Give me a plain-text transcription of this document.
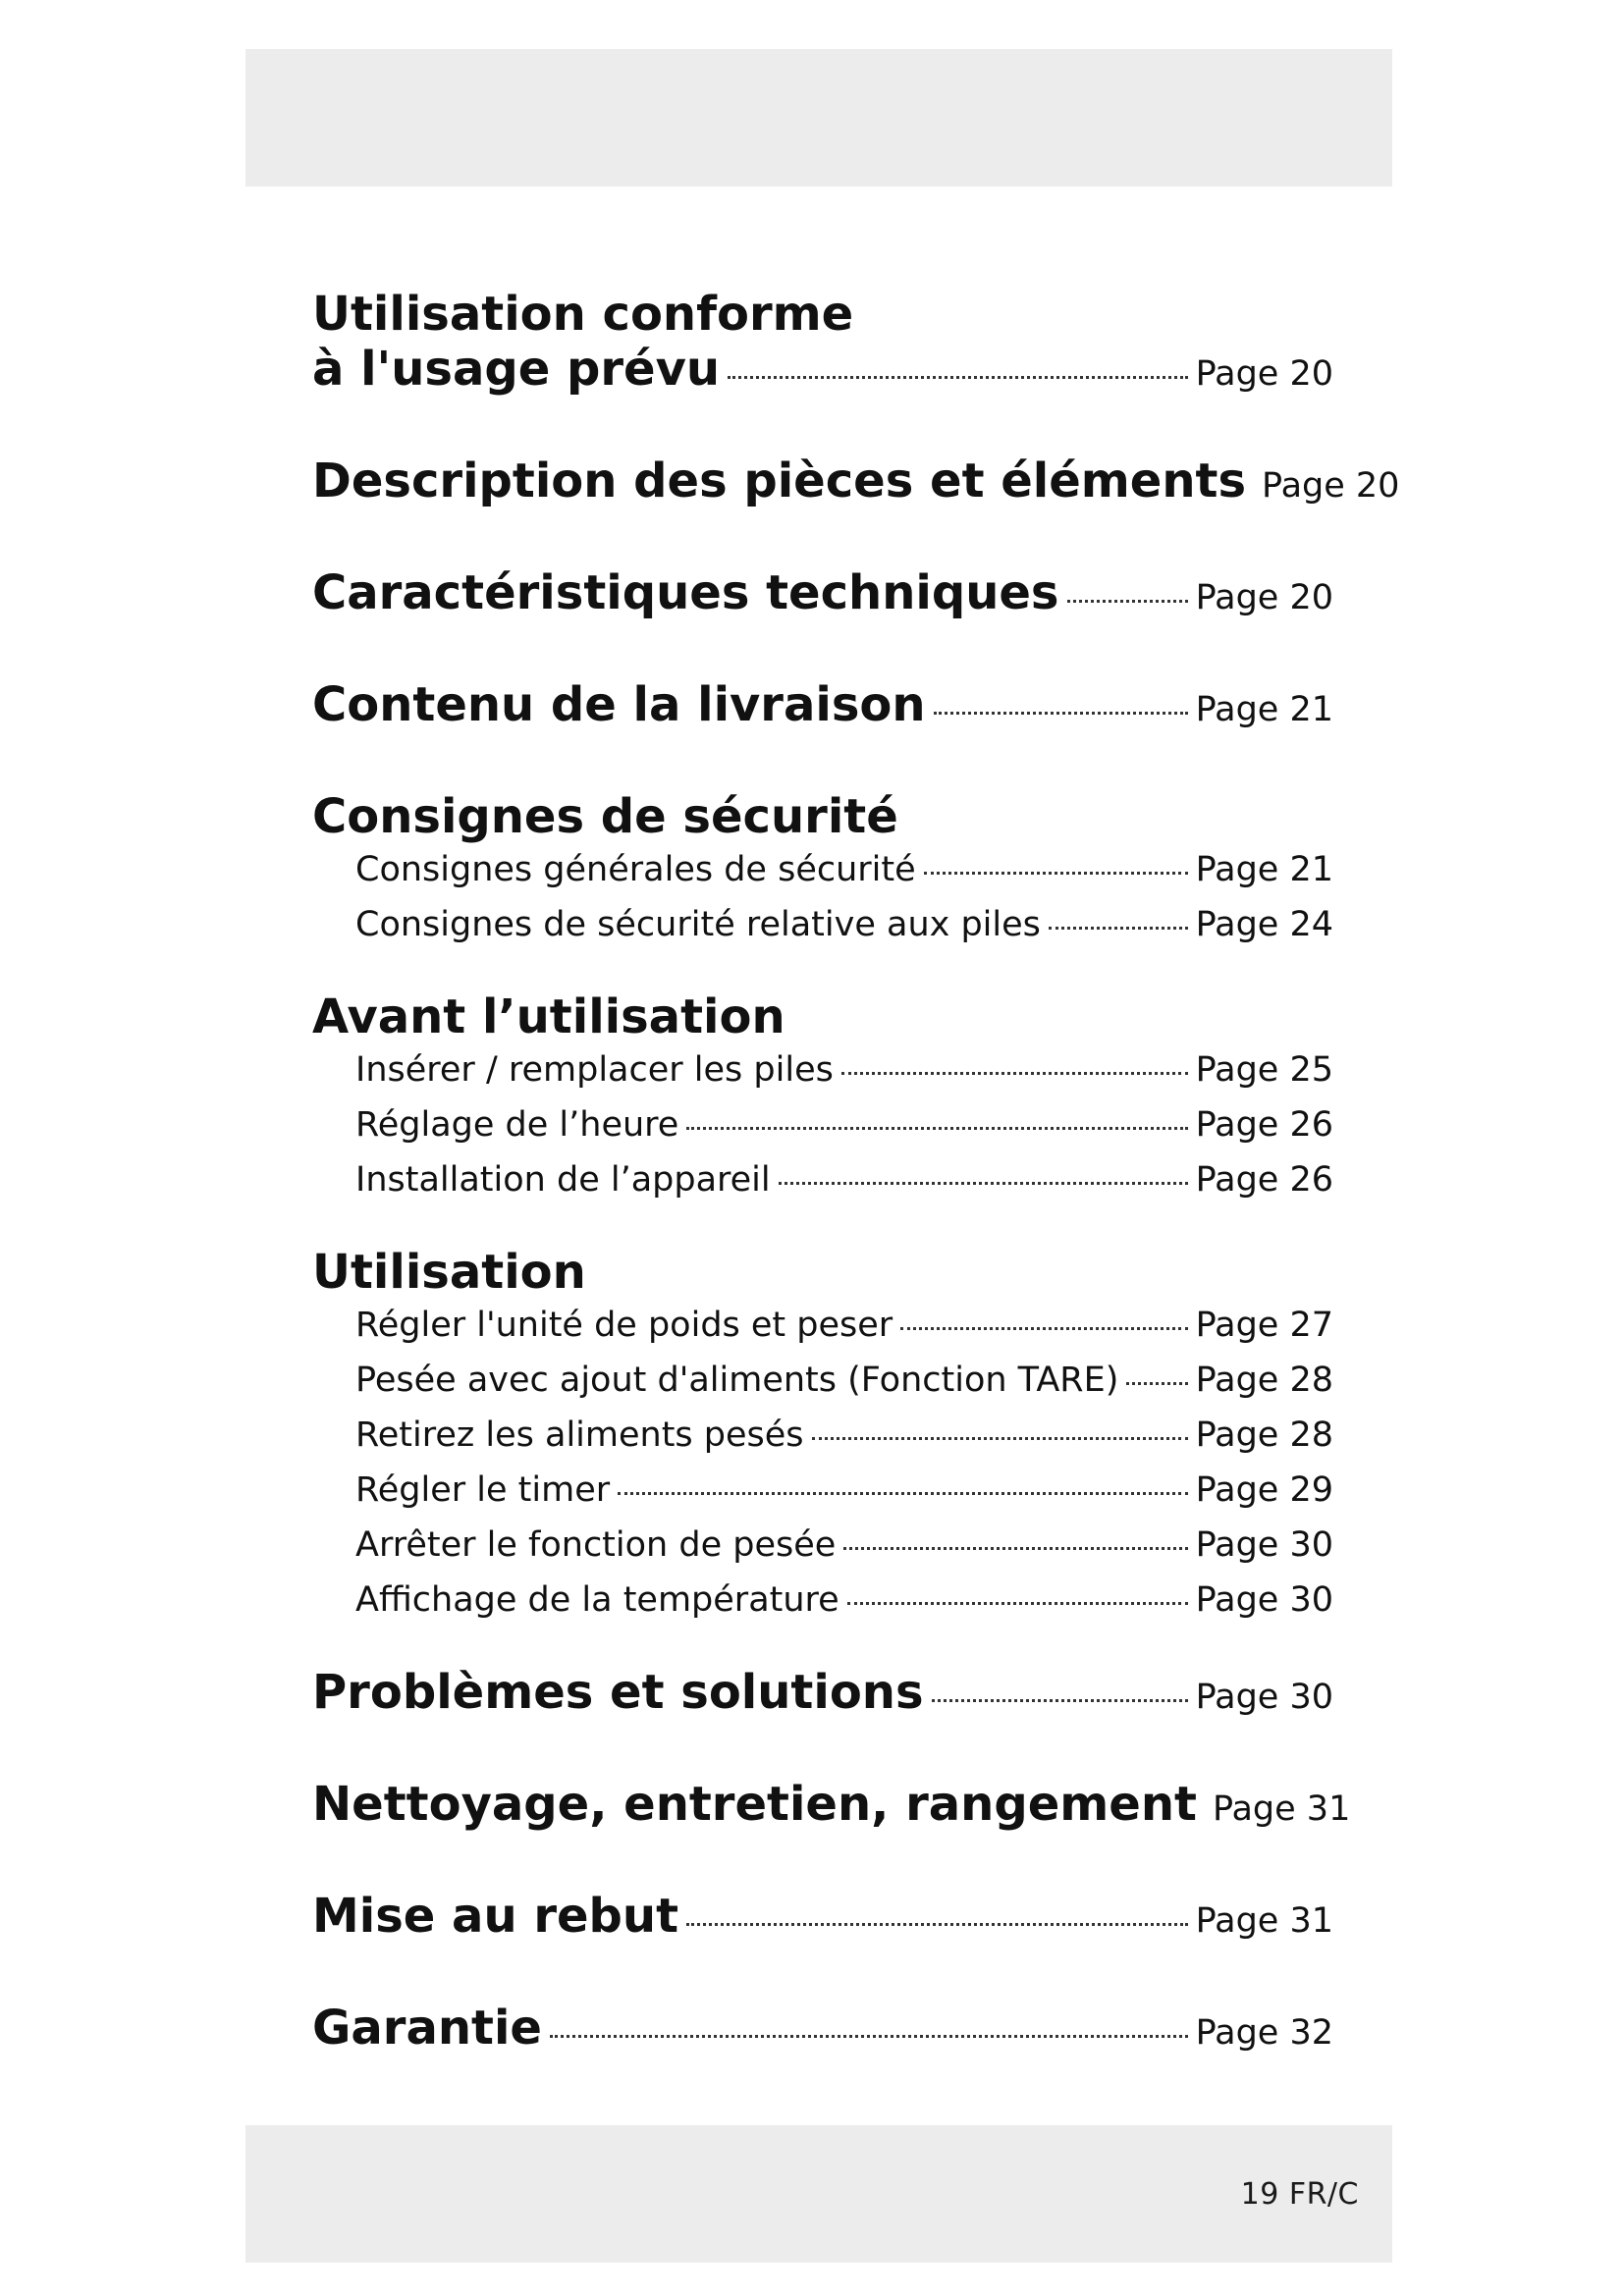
Utilisation conforme
à l'usage prévu	Page 20
Description des pièces et éléments Page 20
Caractéristiques techniques	Page 20
Contenu de la livraison	Page 21
Consignes de sécurité
Consignes générales de sécurité	Page 21
Consignes de sécurité relative aux piles	Page 24
Avant l’utilisation
Insérer / remplacer les piles	Page 25
Réglage de l’heure	Page 26
Installation de l’appareil	Page 26
Utilisation
Régler l'unité de poids et peser	Page 27
Pesée avec ajout d'aliments (Fonction TARE) Page 28
Retirez les aliments pesés	Page 28
Régler le timer	Page 29
Arrêter le fonction de pesée	Page 30
Affichage de la température	Page 30
Problèmes et solutions	Page 30
Nettoyage, entretien, rangement Page 31
Mise au rebut	Page 31
Garantie	Page 32
19 FR/C
